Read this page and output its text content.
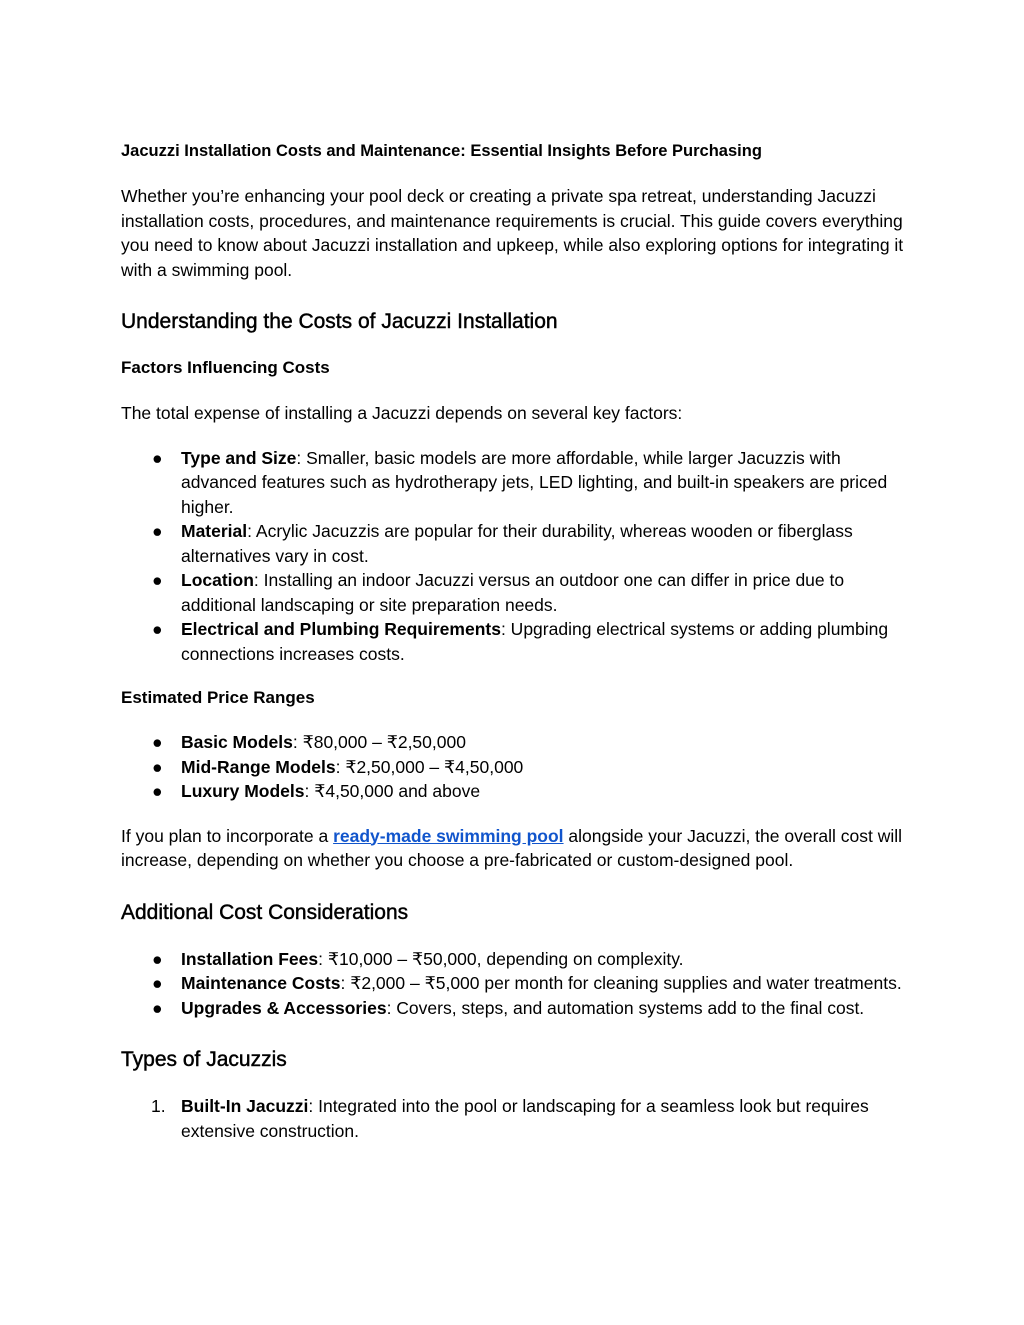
Jacuzzi Installation Costs and Maintenance: Essential Insights Before Purchasing

Whether you’re enhancing your pool deck or creating a private spa retreat, understanding Jacuzzi installation costs, procedures, and maintenance requirements is crucial. This guide covers everything you need to know about Jacuzzi installation and upkeep, while also exploring options for integrating it with a swimming pool.

Understanding the Costs of Jacuzzi Installation
Factors Influencing Costs

The total expense of installing a Jacuzzi depends on several key factors:

● Type and Size: Smaller, basic models are more affordable, while larger Jacuzzis with advanced features such as hydrotherapy jets, LED lighting, and built-in speakers are priced higher.
● Material: Acrylic Jacuzzis are popular for their durability, whereas wooden or fiberglass alternatives vary in cost.
● Location: Installing an indoor Jacuzzi versus an outdoor one can differ in price due to additional landscaping or site preparation needs.
● Electrical and Plumbing Requirements: Upgrading electrical systems or adding plumbing connections increases costs.
Estimated Price Ranges
● Basic Models: ₹80,000 – ₹2,50,000
● Mid-Range Models: ₹2,50,000 – ₹4,50,000
● Luxury Models: ₹4,50,000 and above

If you plan to incorporate a ready-made swimming pool alongside your Jacuzzi, the overall cost will increase, depending on whether you choose a pre-fabricated or custom-designed pool.

Additional Cost Considerations
● Installation Fees: ₹10,000 – ₹50,000, depending on complexity.
● Maintenance Costs: ₹2,000 – ₹5,000 per month for cleaning supplies and water treatments.
● Upgrades & Accessories: Covers, steps, and automation systems add to the final cost.
Types of Jacuzzis
1. Built-In Jacuzzi: Integrated into the pool or landscaping for a seamless look but requires extensive construction.
